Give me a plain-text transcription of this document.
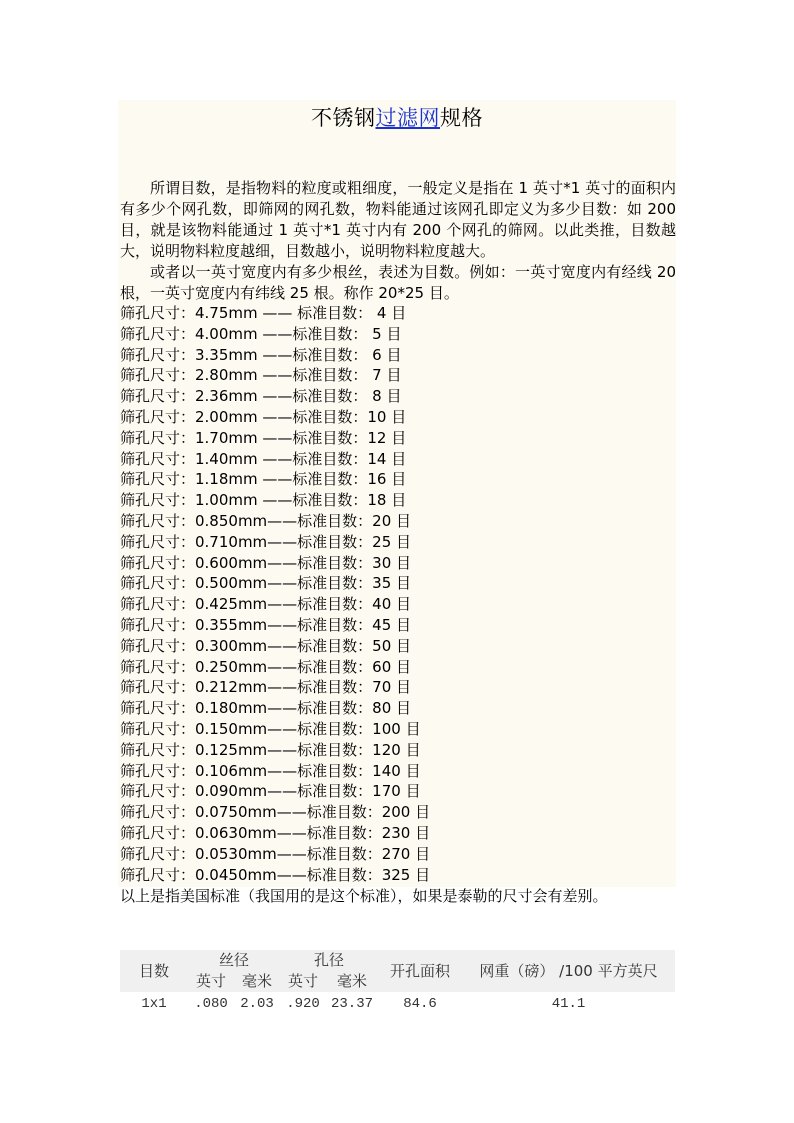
不锈钢过滤网规格

所谓目数，是指物料的粒度或粗细度，一般定义是指在 1 英寸*1 英寸的面积内有多少个网孔数，即筛网的网孔数，物料能通过该网孔即定义为多少目数：如 200 目，就是该物料能通过 1 英寸*1 英寸内有 200 个网孔的筛网。以此类推，目数越大，说明物料粒度越细，目数越小，说明物料粒度越大。

或者以一英寸宽度内有多少根丝，表述为目数。例如：一英寸宽度内有经线 20 根，一英寸宽度内有纬线 25 根。称作 20*25 目。

筛孔尺寸：4.75mm —— 标准目数： 4 目
筛孔尺寸：4.00mm ——标准目数： 5 目
筛孔尺寸：3.35mm ——标准目数： 6 目
筛孔尺寸：2.80mm ——标准目数： 7 目
筛孔尺寸：2.36mm ——标准目数： 8 目
筛孔尺寸：2.00mm ——标准目数：10 目
筛孔尺寸：1.70mm ——标准目数：12 目
筛孔尺寸：1.40mm ——标准目数：14 目
筛孔尺寸：1.18mm ——标准目数：16 目
筛孔尺寸：1.00mm ——标准目数：18 目
筛孔尺寸：0.850mm——标准目数：20 目
筛孔尺寸：0.710mm——标准目数：25 目
筛孔尺寸：0.600mm——标准目数：30 目
筛孔尺寸：0.500mm——标准目数：35 目
筛孔尺寸：0.425mm——标准目数：40 目
筛孔尺寸：0.355mm——标准目数：45 目
筛孔尺寸：0.300mm——标准目数：50 目
筛孔尺寸：0.250mm——标准目数：60 目
筛孔尺寸：0.212mm——标准目数：70 目
筛孔尺寸：0.180mm——标准目数：80 目
筛孔尺寸：0.150mm——标准目数：100 目
筛孔尺寸：0.125mm——标准目数：120 目
筛孔尺寸：0.106mm——标准目数：140 目
筛孔尺寸：0.090mm——标准目数：170 目
筛孔尺寸：0.0750mm——标准目数：200 目
筛孔尺寸：0.0630mm——标准目数：230 目
筛孔尺寸：0.0530mm——标准目数：270 目
筛孔尺寸：0.0450mm——标准目数：325 目
以上是指美国标准（我国用的是这个标准），如果是泰勒的尺寸会有差别。
目数	丝径		孔径		开孔面积	网重（磅） /100 平方英尺
	英寸	毫米	英寸	毫米		
1x1	.080	2.03	.920	23.37	84.6	41.1
